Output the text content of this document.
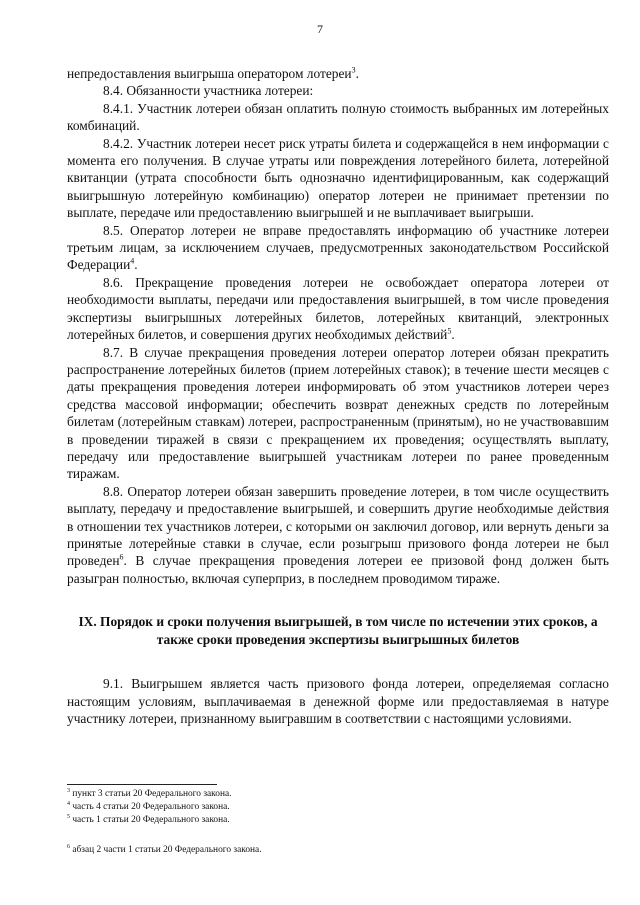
7

непредоставления выигрыша оператором лотереи$^3$.

8.4. Обязанности участника лотереи:

8.4.1. Участник лотереи обязан оплатить полную стоимость выбранных им лотерейных комбинаций.

8.4.2. Участник лотереи несет риск утраты билета и содержащейся в нем информации с момента его получения. В случае утраты или повреждения лотерейного билета, лотерейной квитанции (утрата способности быть однозначно идентифицированным, как содержащий выигрышную лотерейную комбинацию) оператор лотереи не принимает претензии по выплате, передаче или предоставлению выигрышей и не выплачивает выигрыши.

8.5. Оператор лотереи не вправе предоставлять информацию об участнике лотереи третьим лицам, за исключением случаев, предусмотренных законодательством Российской Федерации$^4$.

8.6. Прекращение проведения лотереи не освобождает оператора лотереи от необходимости выплаты, передачи или предоставления выигрышей, в том числе проведения экспертизы выигрышных лотерейных билетов, лотерейных квитанций, электронных лотерейных билетов, и совершения других необходимых действий$^5$.

8.7. В случае прекращения проведения лотереи оператор лотереи обязан прекратить распространение лотерейных билетов (прием лотерейных ставок); в течение шести месяцев с даты прекращения проведения лотереи информировать об этом участников лотереи через средства массовой информации; обеспечить возврат денежных средств по лотерейным билетам (лотерейным ставкам) лотереи, распространенным (принятым), но не участвовавшим в проведении тиражей в связи с прекращением их проведения; осуществлять выплату, передачу или предоставление выигрышей участникам лотереи по ранее проведенным тиражам.

8.8. Оператор лотереи обязан завершить проведение лотереи, в том числе осуществить выплату, передачу и предоставление выигрышей, и совершить другие необходимые действия в отношении тех участников лотереи, с которыми он заключил договор, или вернуть деньги за принятые лотерейные ставки в случае, если розыгрыш призового фонда лотереи не был проведен$^6$. В случае прекращения проведения лотереи ее призовой фонд должен быть разыгран полностью, включая суперприз, в последнем проводимом тираже.

IX. Порядок и сроки получения выигрышей, в том числе по истечении этих сроков, а также сроки проведения экспертизы выигрышных билетов

9.1. Выигрышем является часть призового фонда лотереи, определяемая согласно настоящим условиям, выплачиваемая в денежной форме или предоставляемая в натуре участнику лотереи, признанному выигравшим в соответствии с настоящими условиями.

$^3$ пункт 3 статьи 20 Федерального закона.
$^4$ часть 4 статьи 20 Федерального закона.
$^5$ часть 1 статьи 20 Федерального закона.
$^6$ абзац 2 части 1 статьи 20 Федерального закона.
